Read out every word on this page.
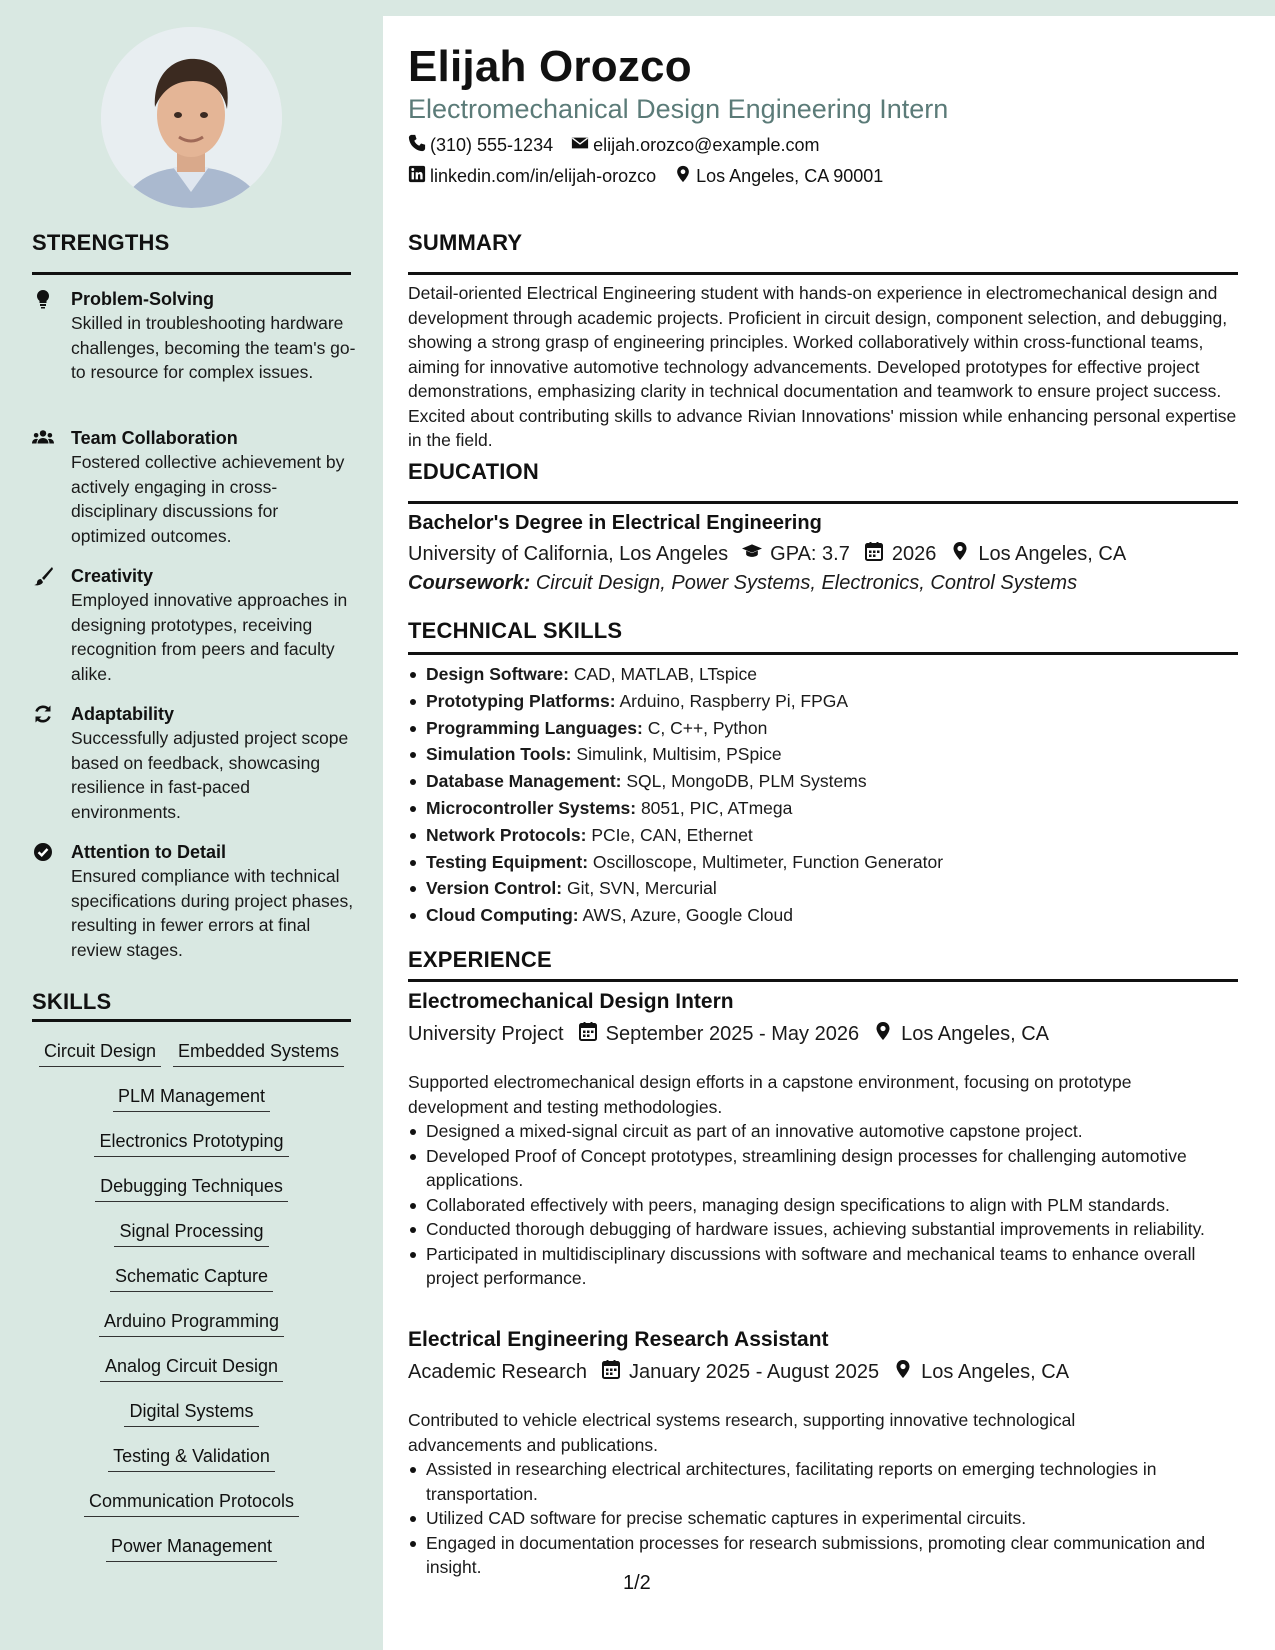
STRENGTHS
Problem-Solving
Skilled in troubleshooting hardware challenges, becoming the team's go-to resource for complex issues.
Team Collaboration
Fostered collective achievement by actively engaging in cross-disciplinary discussions for optimized outcomes.
Creativity
Employed innovative approaches in designing prototypes, receiving recognition from peers and faculty alike.
Adaptability
Successfully adjusted project scope based on feedback, showcasing resilience in fast-paced environments.
Attention to Detail
Ensured compliance with technical specifications during project phases, resulting in fewer errors at final review stages.
SKILLS
Circuit Design Embedded Systems
PLM Management
Electronics Prototyping
Debugging Techniques
Signal Processing
Schematic Capture
Arduino Programming
Analog Circuit Design
Digital Systems
Testing & Validation
Communication Protocols
Power Management
Elijah Orozco
Electromechanical Design Engineering Intern
(310) 555-1234 elijah.orozco@example.com
linkedin.com/in/elijah-orozco Los Angeles, CA 90001
SUMMARY
Detail-oriented Electrical Engineering student with hands-on experience in electromechanical design and development through academic projects. Proficient in circuit design, component selection, and debugging, showing a strong grasp of engineering principles. Worked collaboratively within cross-functional teams, aiming for innovative automotive technology advancements. Developed prototypes for effective project demonstrations, emphasizing clarity in technical documentation and teamwork to ensure project success. Excited about contributing skills to advance Rivian Innovations' mission while enhancing personal expertise in the field.
EDUCATION
Bachelor's Degree in Electrical Engineering
University of California, Los Angeles GPA: 3.7 2026 Los Angeles, CA
Coursework: Circuit Design, Power Systems, Electronics, Control Systems
TECHNICAL SKILLS
Design Software: CAD, MATLAB, LTspice
Prototyping Platforms: Arduino, Raspberry Pi, FPGA
Programming Languages: C, C++, Python
Simulation Tools: Simulink, Multisim, PSpice
Database Management: SQL, MongoDB, PLM Systems
Microcontroller Systems: 8051, PIC, ATmega
Network Protocols: PCIe, CAN, Ethernet
Testing Equipment: Oscilloscope, Multimeter, Function Generator
Version Control: Git, SVN, Mercurial
Cloud Computing: AWS, Azure, Google Cloud
EXPERIENCE
Electromechanical Design Intern
University Project September 2025 - May 2026 Los Angeles, CA
Supported electromechanical design efforts in a capstone environment, focusing on prototype development and testing methodologies.
Designed a mixed-signal circuit as part of an innovative automotive capstone project.
Developed Proof of Concept prototypes, streamlining design processes for challenging automotive applications.
Collaborated effectively with peers, managing design specifications to align with PLM standards.
Conducted thorough debugging of hardware issues, achieving substantial improvements in reliability.
Participated in multidisciplinary discussions with software and mechanical teams to enhance overall project performance.
Electrical Engineering Research Assistant
Academic Research January 2025 - August 2025 Los Angeles, CA
Contributed to vehicle electrical systems research, supporting innovative technological advancements and publications.
Assisted in researching electrical architectures, facilitating reports on emerging technologies in transportation.
Utilized CAD software for precise schematic captures in experimental circuits.
Engaged in documentation processes for research submissions, promoting clear communication and insight.
1/2
